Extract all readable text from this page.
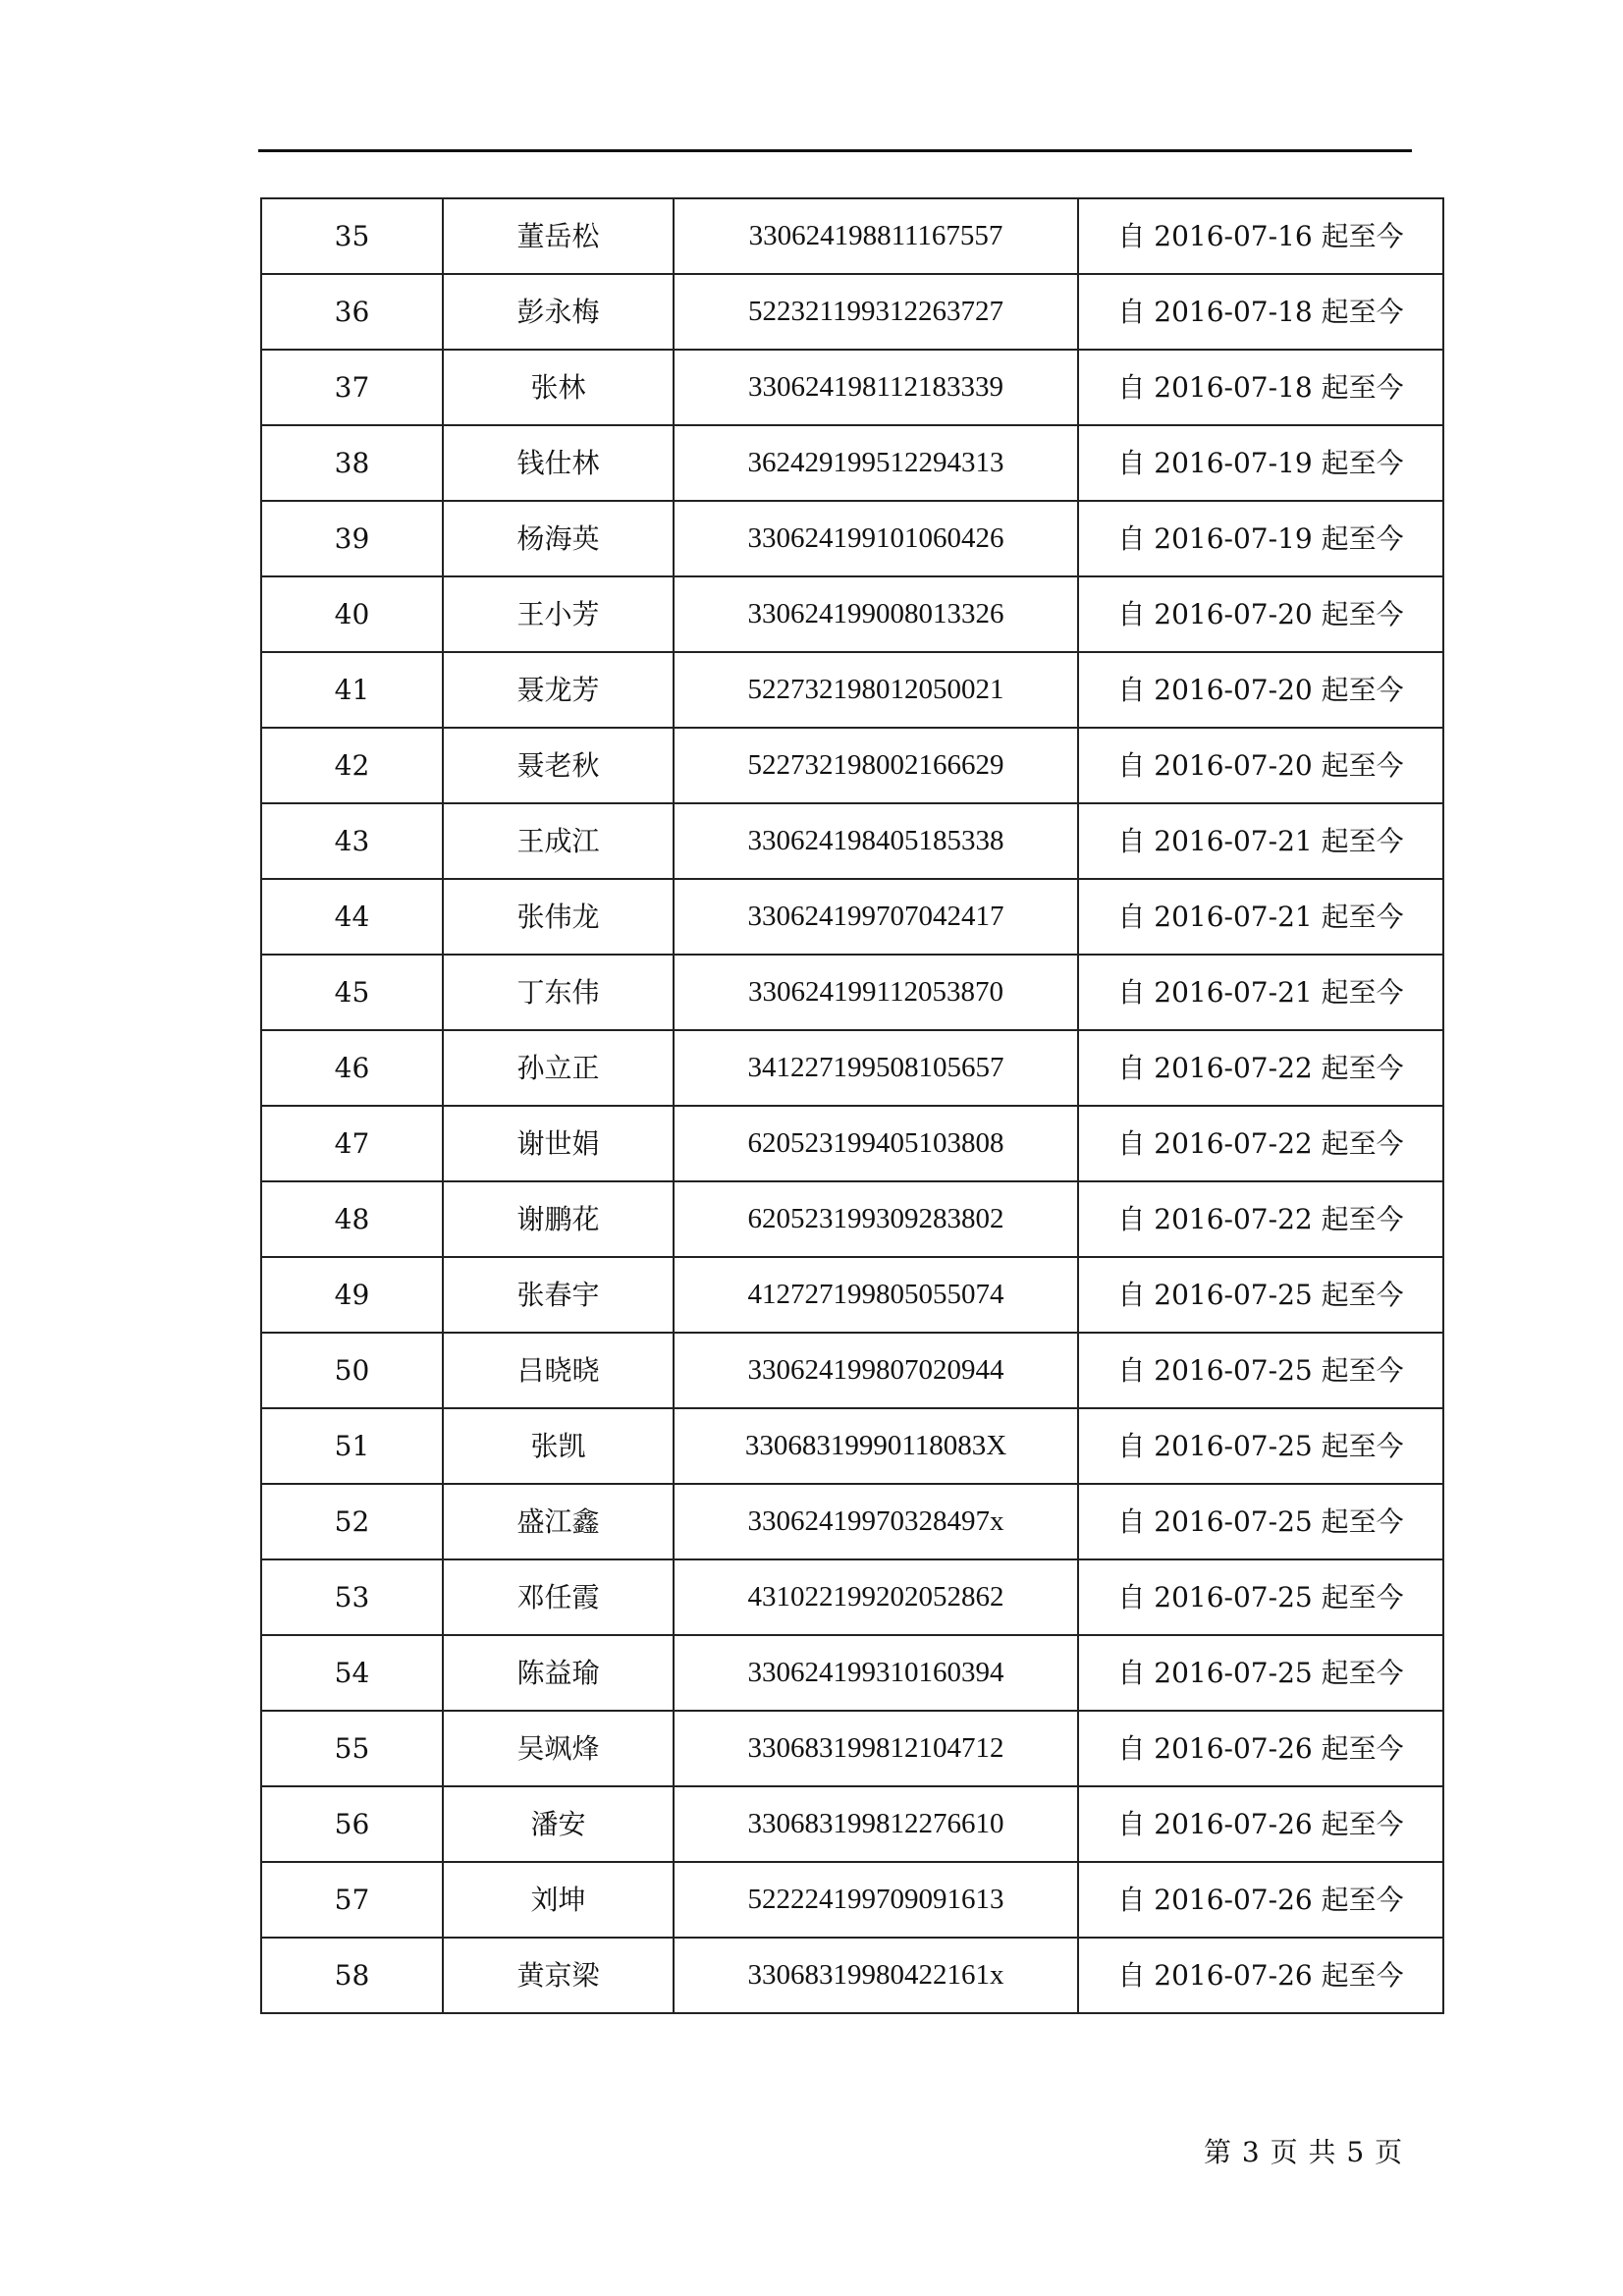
35	董岳松	330624198811167557	自 2016-07-16 起至今
36	彭永梅	522321199312263727	自 2016-07-18 起至今
37	张林	330624198112183339	自 2016-07-18 起至今
38	钱仕林	362429199512294313	自 2016-07-19 起至今
39	杨海英	330624199101060426	自 2016-07-19 起至今
40	王小芳	330624199008013326	自 2016-07-20 起至今
41	聂龙芳	522732198012050021	自 2016-07-20 起至今
42	聂老秋	522732198002166629	自 2016-07-20 起至今
43	王成江	330624198405185338	自 2016-07-21 起至今
44	张伟龙	330624199707042417	自 2016-07-21 起至今
45	丁东伟	330624199112053870	自 2016-07-21 起至今
46	孙立正	341227199508105657	自 2016-07-22 起至今
47	谢世娟	620523199405103808	自 2016-07-22 起至今
48	谢鹏花	620523199309283802	自 2016-07-22 起至今
49	张春宇	412727199805055074	自 2016-07-25 起至今
50	吕晓晓	330624199807020944	自 2016-07-25 起至今
51	张凯	33068319990118083X	自 2016-07-25 起至今
52	盛江鑫	33062419970328497x	自 2016-07-25 起至今
53	邓任霞	431022199202052862	自 2016-07-25 起至今
54	陈益瑜	330624199310160394	自 2016-07-25 起至今
55	吴飒烽	330683199812104712	自 2016-07-26 起至今
56	潘安	330683199812276610	自 2016-07-26 起至今
57	刘坤	522224199709091613	自 2016-07-26 起至今
58	黄京梁	33068319980422161x	自 2016-07-26 起至今
第 3 页 共 5 页
